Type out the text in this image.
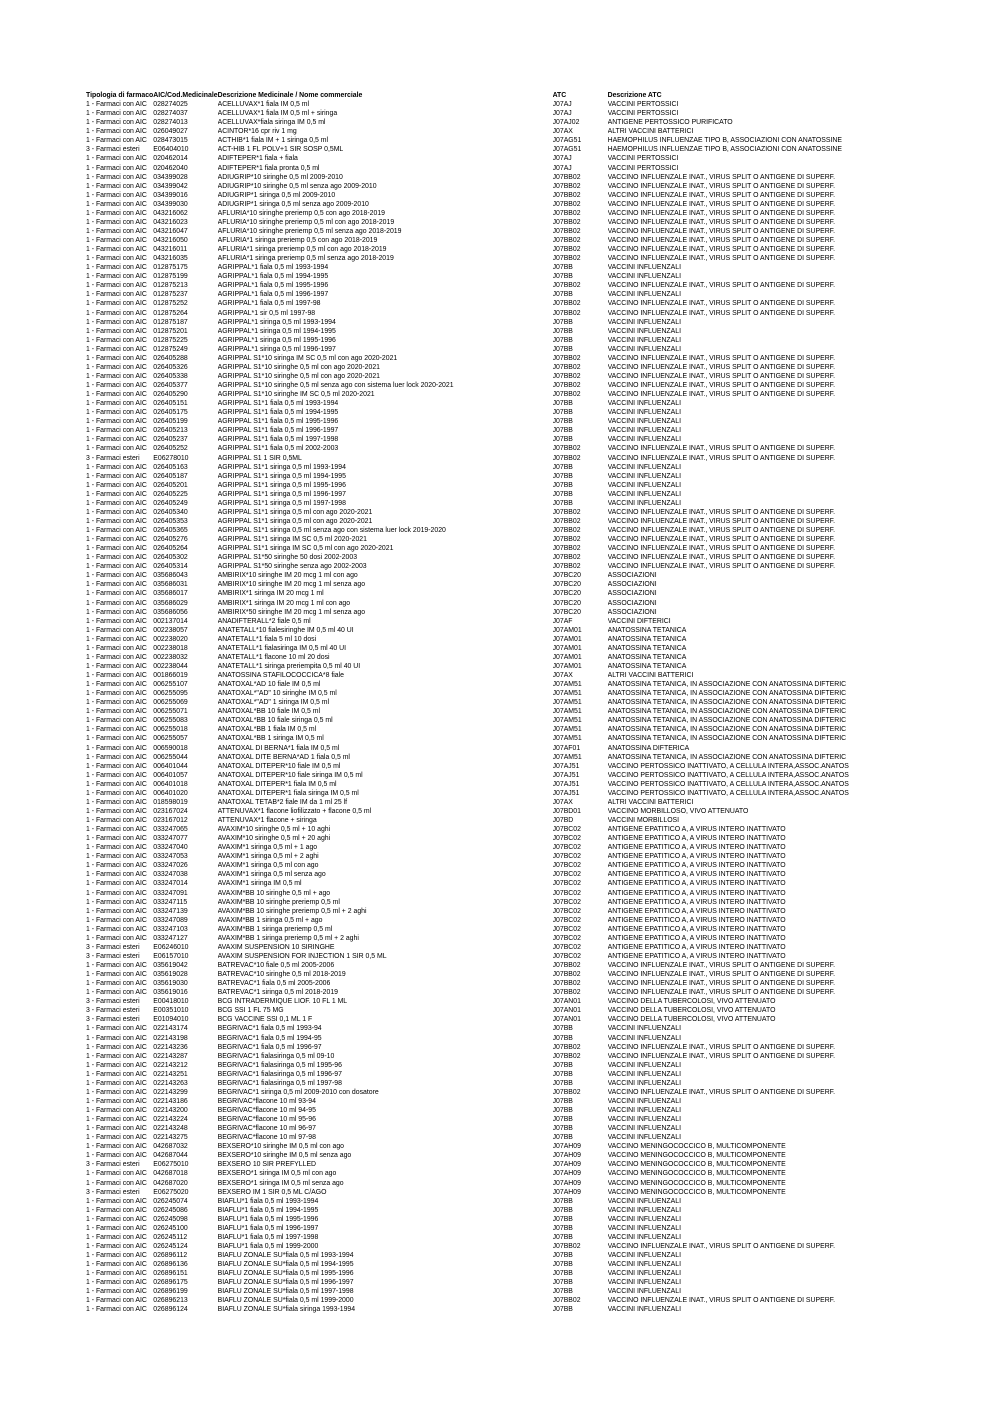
Tipologia di farmaco	AIC/Cod.Medicinale	Descrizione Medicinale / Nome commerciale	ATC	Descrizione ATC
1 - Farmaci con AIC	028274025	ACELLUVAX*1 fiala IM 0,5 ml	J07AJ	VACCINI PERTOSSICI
1 - Farmaci con AIC	028274037	ACELLUVAX*1 fiala IM 0,5 ml + siringa	J07AJ	VACCINI PERTOSSICI
1 - Farmaci con AIC	028274013	ACELLUVAX*fiala siringa IM 0,5 ml	J07AJ02	ANTIGENE PERTOSSICO PURIFICATO
1 - Farmaci con AIC	026049027	ACINTOR*16 cpr riv 1 mg	J07AX	ALTRI VACCINI BATTERICI
1 - Farmaci con AIC	028473015	ACTHIB*1 fiala IM + 1 siringa 0,5 ml	J07AG51	HAEMOPHILUS INFLUENZAE TIPO B, ASSOCIAZIONI CON ANATOSSINE
3 - Farmaci esteri	E06404010	ACT-HIB 1 FL POLV+1 SIR SOSP 0,5ML	J07AG51	HAEMOPHILUS INFLUENZAE TIPO B, ASSOCIAZIONI CON ANATOSSINE
1 - Farmaci con AIC	020462014	ADIFTEPER*1 fiala + fiala	J07AJ	VACCINI PERTOSSICI
1 - Farmaci con AIC	020462040	ADIFTEPER*1 fiala pronta 0,5 ml	J07AJ	VACCINI PERTOSSICI
1 - Farmaci con AIC	034399028	ADIUGRIP*10 siringhe 0,5 ml 2009-2010	J07BB02	VACCINO INFLUENZALE INAT., VIRUS SPLIT O ANTIGENE DI SUPERF.
1 - Farmaci con AIC	034399042	ADIUGRIP*10 siringhe 0,5 ml senza ago 2009-2010	J07BB02	VACCINO INFLUENZALE INAT., VIRUS SPLIT O ANTIGENE DI SUPERF.
1 - Farmaci con AIC	034399016	ADIUGRIP*1 siringa 0,5 ml 2009-2010	J07BB02	VACCINO INFLUENZALE INAT., VIRUS SPLIT O ANTIGENE DI SUPERF.
1 - Farmaci con AIC	034399030	ADIUGRIP*1 siringa 0,5 ml senza ago 2009-2010	J07BB02	VACCINO INFLUENZALE INAT., VIRUS SPLIT O ANTIGENE DI SUPERF.
1 - Farmaci con AIC	043216062	AFLURIA*10 siringhe preriemp 0,5 con ago 2018-2019	J07BB02	VACCINO INFLUENZALE INAT., VIRUS SPLIT O ANTIGENE DI SUPERF.
1 - Farmaci con AIC	043216023	AFLURIA*10 siringhe preriemp 0,5 ml con ago 2018-2019	J07BB02	VACCINO INFLUENZALE INAT., VIRUS SPLIT O ANTIGENE DI SUPERF.
1 - Farmaci con AIC	043216047	AFLURIA*10 siringhe preriemp 0,5 ml senza ago 2018-2019	J07BB02	VACCINO INFLUENZALE INAT., VIRUS SPLIT O ANTIGENE DI SUPERF.
1 - Farmaci con AIC	043216050	AFLURIA*1 siringa preriemp 0,5 con ago 2018-2019	J07BB02	VACCINO INFLUENZALE INAT., VIRUS SPLIT O ANTIGENE DI SUPERF.
1 - Farmaci con AIC	043216011	AFLURIA*1 siringa preriemp 0,5 ml con ago 2018-2019	J07BB02	VACCINO INFLUENZALE INAT., VIRUS SPLIT O ANTIGENE DI SUPERF.
1 - Farmaci con AIC	043216035	AFLURIA*1 siringa preriemp 0,5 ml senza ago 2018-2019	J07BB02	VACCINO INFLUENZALE INAT., VIRUS SPLIT O ANTIGENE DI SUPERF.
1 - Farmaci con AIC	012875175	AGRIPPAL*1 fiala 0,5 ml 1993-1994	J07BB	VACCINI INFLUENZALI
1 - Farmaci con AIC	012875199	AGRIPPAL*1 fiala 0,5 ml 1994-1995	J07BB	VACCINI INFLUENZALI
1 - Farmaci con AIC	012875213	AGRIPPAL*1 fiala 0,5 ml 1995-1996	J07BB02	VACCINO INFLUENZALE INAT., VIRUS SPLIT O ANTIGENE DI SUPERF.
1 - Farmaci con AIC	012875237	AGRIPPAL*1 fiala 0,5 ml 1996-1997	J07BB	VACCINI INFLUENZALI
1 - Farmaci con AIC	012875252	AGRIPPAL*1 fiala 0,5 ml 1997-98	J07BB02	VACCINO INFLUENZALE INAT., VIRUS SPLIT O ANTIGENE DI SUPERF.
1 - Farmaci con AIC	012875264	AGRIPPAL*1 sir 0,5 ml 1997-98	J07BB02	VACCINO INFLUENZALE INAT., VIRUS SPLIT O ANTIGENE DI SUPERF.
1 - Farmaci con AIC	012875187	AGRIPPAL*1 siringa 0,5 ml 1993-1994	J07BB	VACCINI INFLUENZALI
1 - Farmaci con AIC	012875201	AGRIPPAL*1 siringa 0,5 ml 1994-1995	J07BB	VACCINI INFLUENZALI
1 - Farmaci con AIC	012875225	AGRIPPAL*1 siringa 0,5 ml 1995-1996	J07BB	VACCINI INFLUENZALI
1 - Farmaci con AIC	012875249	AGRIPPAL*1 siringa 0,5 ml 1996-1997	J07BB	VACCINI INFLUENZALI
1 - Farmaci con AIC	026405288	AGRIPPAL S1*10 siringa IM SC 0,5 ml con ago 2020-2021	J07BB02	VACCINO INFLUENZALE INAT., VIRUS SPLIT O ANTIGENE DI SUPERF.
1 - Farmaci con AIC	026405326	AGRIPPAL S1*10 siringhe 0,5 ml con ago 2020-2021	J07BB02	VACCINO INFLUENZALE INAT., VIRUS SPLIT O ANTIGENE DI SUPERF.
1 - Farmaci con AIC	026405338	AGRIPPAL S1*10 siringhe 0,5 ml con ago 2020-2021	J07BB02	VACCINO INFLUENZALE INAT., VIRUS SPLIT O ANTIGENE DI SUPERF.
1 - Farmaci con AIC	026405377	AGRIPPAL S1*10 siringhe 0,5 ml senza ago con sistema luer lock 2020-2021	J07BB02	VACCINO INFLUENZALE INAT., VIRUS SPLIT O ANTIGENE DI SUPERF.
1 - Farmaci con AIC	026405290	AGRIPPAL S1*10 siringhe IM SC 0,5 ml 2020-2021	J07BB02	VACCINO INFLUENZALE INAT., VIRUS SPLIT O ANTIGENE DI SUPERF.
1 - Farmaci con AIC	026405151	AGRIPPAL S1*1 fiala 0,5 ml 1993-1994	J07BB	VACCINI INFLUENZALI
1 - Farmaci con AIC	026405175	AGRIPPAL S1*1 fiala 0,5 ml 1994-1995	J07BB	VACCINI INFLUENZALI
1 - Farmaci con AIC	026405199	AGRIPPAL S1*1 fiala 0,5 ml 1995-1996	J07BB	VACCINI INFLUENZALI
1 - Farmaci con AIC	026405213	AGRIPPAL S1*1 fiala 0,5 ml 1996-1997	J07BB	VACCINI INFLUENZALI
1 - Farmaci con AIC	026405237	AGRIPPAL S1*1 fiala 0,5 ml 1997-1998	J07BB	VACCINI INFLUENZALI
1 - Farmaci con AIC	026405252	AGRIPPAL S1*1 fiala 0,5 ml 2002-2003	J07BB02	VACCINO INFLUENZALE INAT., VIRUS SPLIT O ANTIGENE DI SUPERF.
3 - Farmaci esteri	E06278010	AGRIPPAL S1 1 SIR 0,5ML	J07BB02	VACCINO INFLUENZALE INAT., VIRUS SPLIT O ANTIGENE DI SUPERF.
1 - Farmaci con AIC	026405163	AGRIPPAL S1*1 siringa 0,5 ml 1993-1994	J07BB	VACCINI INFLUENZALI
1 - Farmaci con AIC	026405187	AGRIPPAL S1*1 siringa 0,5 ml 1994-1995	J07BB	VACCINI INFLUENZALI
1 - Farmaci con AIC	026405201	AGRIPPAL S1*1 siringa 0,5 ml 1995-1996	J07BB	VACCINI INFLUENZALI
1 - Farmaci con AIC	026405225	AGRIPPAL S1*1 siringa 0,5 ml 1996-1997	J07BB	VACCINI INFLUENZALI
1 - Farmaci con AIC	026405249	AGRIPPAL S1*1 siringa 0,5 ml 1997-1998	J07BB	VACCINI INFLUENZALI
1 - Farmaci con AIC	026405340	AGRIPPAL S1*1 siringa 0,5 ml con ago 2020-2021	J07BB02	VACCINO INFLUENZALE INAT., VIRUS SPLIT O ANTIGENE DI SUPERF.
1 - Farmaci con AIC	026405353	AGRIPPAL S1*1 siringa 0,5 ml con ago 2020-2021	J07BB02	VACCINO INFLUENZALE INAT., VIRUS SPLIT O ANTIGENE DI SUPERF.
1 - Farmaci con AIC	026405365	AGRIPPAL S1*1 siringa 0,5 ml senza ago con sistema luer lock 2019-2020	J07BB02	VACCINO INFLUENZALE INAT., VIRUS SPLIT O ANTIGENE DI SUPERF.
1 - Farmaci con AIC	026405276	AGRIPPAL S1*1 siringa IM SC 0,5 ml 2020-2021	J07BB02	VACCINO INFLUENZALE INAT., VIRUS SPLIT O ANTIGENE DI SUPERF.
1 - Farmaci con AIC	026405264	AGRIPPAL S1*1 siringa IM SC 0,5 ml con ago 2020-2021	J07BB02	VACCINO INFLUENZALE INAT., VIRUS SPLIT O ANTIGENE DI SUPERF.
1 - Farmaci con AIC	026405302	AGRIPPAL S1*50 siringhe 50 dosi 2002-2003	J07BB02	VACCINO INFLUENZALE INAT., VIRUS SPLIT O ANTIGENE DI SUPERF.
1 - Farmaci con AIC	026405314	AGRIPPAL S1*50 siringhe senza ago 2002-2003	J07BB02	VACCINO INFLUENZALE INAT., VIRUS SPLIT O ANTIGENE DI SUPERF.
1 - Farmaci con AIC	035686043	AMBIRIX*10 siringhe IM 20 mcg 1 ml con ago	J07BC20	ASSOCIAZIONI
1 - Farmaci con AIC	035686031	AMBIRIX*10 siringhe IM 20 mcg 1 ml senza ago	J07BC20	ASSOCIAZIONI
1 - Farmaci con AIC	035686017	AMBIRIX*1 siringa IM 20 mcg 1 ml	J07BC20	ASSOCIAZIONI
1 - Farmaci con AIC	035686029	AMBIRIX*1 siringa IM 20 mcg 1 ml con ago	J07BC20	ASSOCIAZIONI
1 - Farmaci con AIC	035686056	AMBIRIX*50 siringhe IM 20 mcg 1 ml senza ago	J07BC20	ASSOCIAZIONI
1 - Farmaci con AIC	002137014	ANADIFTERALL*2 fiale 0,5 ml	J07AF	VACCINI DIFTERICI
1 - Farmaci con AIC	002238057	ANATETALL*10 fialesiringhe IM 0,5 ml 40 UI	J07AM01	ANATOSSINA TETANICA
1 - Farmaci con AIC	002238020	ANATETALL*1 fiala 5 ml 10 dosi	J07AM01	ANATOSSINA TETANICA
1 - Farmaci con AIC	002238018	ANATETALL*1 fialasiringa IM 0,5 ml 40 UI	J07AM01	ANATOSSINA TETANICA
1 - Farmaci con AIC	002238032	ANATETALL*1 flacone 10 ml 20 dosi	J07AM01	ANATOSSINA TETANICA
1 - Farmaci con AIC	002238044	ANATETALL*1 siringa preriempita 0,5 ml 40 UI	J07AM01	ANATOSSINA TETANICA
1 - Farmaci con AIC	001866019	ANATOSSINA STAFILOCOCCICA*8 fiale	J07AX	ALTRI VACCINI BATTERICI
1 - Farmaci con AIC	006255107	ANATOXAL*AD 10 fiale IM 0,5 ml	J07AM51	ANATOSSINA TETANICA, IN ASSOCIAZIONE CON ANATOSSINA DIFTERIC
1 - Farmaci con AIC	006255095	ANATOXAL*"AD" 10 siringhe IM 0,5 ml	J07AM51	ANATOSSINA TETANICA, IN ASSOCIAZIONE CON ANATOSSINA DIFTERIC
1 - Farmaci con AIC	006255069	ANATOXAL*"AD" 1 siringa IM 0,5 ml	J07AM51	ANATOSSINA TETANICA, IN ASSOCIAZIONE CON ANATOSSINA DIFTERIC
1 - Farmaci con AIC	006255071	ANATOXAL*BB 10 fiale IM 0,5 ml	J07AM51	ANATOSSINA TETANICA, IN ASSOCIAZIONE CON ANATOSSINA DIFTERIC
1 - Farmaci con AIC	006255083	ANATOXAL*BB 10 fiale siringa 0,5 ml	J07AM51	ANATOSSINA TETANICA, IN ASSOCIAZIONE CON ANATOSSINA DIFTERIC
1 - Farmaci con AIC	006255018	ANATOXAL*BB 1 fiala IM 0,5 ml	J07AM51	ANATOSSINA TETANICA, IN ASSOCIAZIONE CON ANATOSSINA DIFTERIC
1 - Farmaci con AIC	006255057	ANATOXAL*BB 1 siringa IM 0,5 ml	J07AM51	ANATOSSINA TETANICA, IN ASSOCIAZIONE CON ANATOSSINA DIFTERIC
1 - Farmaci con AIC	006590018	ANATOXAL DI BERNA*1 fiala IM 0,5 ml	J07AF01	ANATOSSINA DIFTERICA
1 - Farmaci con AIC	006255044	ANATOXAL DITE BERNA*AD 1 fiala 0,5 ml	J07AM51	ANATOSSINA TETANICA, IN ASSOCIAZIONE CON ANATOSSINA DIFTERIC
1 - Farmaci con AIC	006401044	ANATOXAL DITEPER*10 fiale IM 0,5 ml	J07AJ51	VACCINO PERTOSSICO INATTIVATO, A CELLULA INTERA,ASSOC.ANATOS
1 - Farmaci con AIC	006401057	ANATOXAL DITEPER*10 fiale siringa IM 0,5 ml	J07AJ51	VACCINO PERTOSSICO INATTIVATO, A CELLULA INTERA,ASSOC.ANATOS
1 - Farmaci con AIC	006401018	ANATOXAL DITEPER*1 fiala IM 0,5 ml	J07AJ51	VACCINO PERTOSSICO INATTIVATO, A CELLULA INTERA,ASSOC.ANATOS
1 - Farmaci con AIC	006401020	ANATOXAL DITEPER*1 fiala siringa IM 0,5 ml	J07AJ51	VACCINO PERTOSSICO INATTIVATO, A CELLULA INTERA,ASSOC.ANATOS
1 - Farmaci con AIC	018598019	ANATOXAL TETAB*2 fiale IM da 1 ml 25 lf	J07AX	ALTRI VACCINI BATTERICI
1 - Farmaci con AIC	023167024	ATTENUVAX*1 flacone liofilizzato + flacone 0,5 ml	J07BD01	VACCINO MORBILLOSO, VIVO ATTENUATO
1 - Farmaci con AIC	023167012	ATTENUVAX*1 flacone + siringa	J07BD	VACCINI MORBILLOSI
1 - Farmaci con AIC	033247065	AVAXIM*10 siringhe 0,5 ml + 10 aghi	J07BC02	ANTIGENE EPATITICO A, A VIRUS INTERO INATTIVATO
1 - Farmaci con AIC	033247077	AVAXIM*10 siringhe 0,5 ml + 20 aghi	J07BC02	ANTIGENE EPATITICO A, A VIRUS INTERO INATTIVATO
1 - Farmaci con AIC	033247040	AVAXIM*1 siringa 0,5 ml + 1 ago	J07BC02	ANTIGENE EPATITICO A, A VIRUS INTERO INATTIVATO
1 - Farmaci con AIC	033247053	AVAXIM*1 siringa 0,5 ml + 2 aghi	J07BC02	ANTIGENE EPATITICO A, A VIRUS INTERO INATTIVATO
1 - Farmaci con AIC	033247026	AVAXIM*1 siringa 0,5 ml con ago	J07BC02	ANTIGENE EPATITICO A, A VIRUS INTERO INATTIVATO
1 - Farmaci con AIC	033247038	AVAXIM*1 siringa 0,5 ml senza ago	J07BC02	ANTIGENE EPATITICO A, A VIRUS INTERO INATTIVATO
1 - Farmaci con AIC	033247014	AVAXIM*1 siringa IM 0,5 ml	J07BC02	ANTIGENE EPATITICO A, A VIRUS INTERO INATTIVATO
1 - Farmaci con AIC	033247091	AVAXIM*BB 10 siringhe 0,5 ml + ago	J07BC02	ANTIGENE EPATITICO A, A VIRUS INTERO INATTIVATO
1 - Farmaci con AIC	033247115	AVAXIM*BB 10 siringhe preriemp 0,5 ml	J07BC02	ANTIGENE EPATITICO A, A VIRUS INTERO INATTIVATO
1 - Farmaci con AIC	033247139	AVAXIM*BB 10 siringhe preriemp 0,5 ml + 2 aghi	J07BC02	ANTIGENE EPATITICO A, A VIRUS INTERO INATTIVATO
1 - Farmaci con AIC	033247089	AVAXIM*BB 1 siringa 0,5 ml + ago	J07BC02	ANTIGENE EPATITICO A, A VIRUS INTERO INATTIVATO
1 - Farmaci con AIC	033247103	AVAXIM*BB 1 siringa preriemp 0,5 ml	J07BC02	ANTIGENE EPATITICO A, A VIRUS INTERO INATTIVATO
1 - Farmaci con AIC	033247127	AVAXIM*BB 1 siringa preriemp 0,5 ml + 2 aghi	J07BC02	ANTIGENE EPATITICO A, A VIRUS INTERO INATTIVATO
3 - Farmaci esteri	E06246010	AVAXIM SUSPENSION 10 SIRINGHE	J07BC02	ANTIGENE EPATITICO A, A VIRUS INTERO INATTIVATO
3 - Farmaci esteri	E06157010	AVAXIM SUSPENSION FOR INJECTION 1 SIR 0,5 ML	J07BC02	ANTIGENE EPATITICO A, A VIRUS INTERO INATTIVATO
1 - Farmaci con AIC	035619042	BATREVAC*10 fiale 0,5 ml 2005-2006	J07BB02	VACCINO INFLUENZALE INAT., VIRUS SPLIT O ANTIGENE DI SUPERF.
1 - Farmaci con AIC	035619028	BATREVAC*10 siringhe 0,5 ml 2018-2019	J07BB02	VACCINO INFLUENZALE INAT., VIRUS SPLIT O ANTIGENE DI SUPERF.
1 - Farmaci con AIC	035619030	BATREVAC*1 fiala 0,5 ml 2005-2006	J07BB02	VACCINO INFLUENZALE INAT., VIRUS SPLIT O ANTIGENE DI SUPERF.
1 - Farmaci con AIC	035619016	BATREVAC*1 siringa 0,5 ml 2018-2019	J07BB02	VACCINO INFLUENZALE INAT., VIRUS SPLIT O ANTIGENE DI SUPERF.
3 - Farmaci esteri	E00418010	BCG INTRADERMIQUE LIOF. 10 FL 1 ML	J07AN01	VACCINO DELLA TUBERCOLOSI, VIVO ATTENUATO
3 - Farmaci esteri	E00351010	BCG SSI 1 FL 75 MG	J07AN01	VACCINO DELLA TUBERCOLOSI, VIVO ATTENUATO
3 - Farmaci esteri	E01094010	BCG VACCINE SSI 0,1 ML 1 F	J07AN01	VACCINO DELLA TUBERCOLOSI, VIVO ATTENUATO
1 - Farmaci con AIC	022143174	BEGRIVAC*1 fiala 0,5 ml 1993-94	J07BB	VACCINI INFLUENZALI
1 - Farmaci con AIC	022143198	BEGRIVAC*1 fiala 0,5 ml 1994-95	J07BB	VACCINI INFLUENZALI
1 - Farmaci con AIC	022143236	BEGRIVAC*1 fiala 0,5 ml 1996-97	J07BB02	VACCINO INFLUENZALE INAT., VIRUS SPLIT O ANTIGENE DI SUPERF.
1 - Farmaci con AIC	022143287	BEGRIVAC*1 fialasiringa 0,5 ml 09-10	J07BB02	VACCINO INFLUENZALE INAT., VIRUS SPLIT O ANTIGENE DI SUPERF.
1 - Farmaci con AIC	022143212	BEGRIVAC*1 fialasiringa 0,5 ml 1995-96	J07BB	VACCINI INFLUENZALI
1 - Farmaci con AIC	022143251	BEGRIVAC*1 fialasiringa 0,5 ml 1996-97	J07BB	VACCINI INFLUENZALI
1 - Farmaci con AIC	022143263	BEGRIVAC*1 fialasiringa 0,5 ml 1997-98	J07BB	VACCINI INFLUENZALI
1 - Farmaci con AIC	022143299	BEGRIVAC*1 siringa 0,5 ml 2009-2010 con dosatore	J07BB02	VACCINO INFLUENZALE INAT., VIRUS SPLIT O ANTIGENE DI SUPERF.
1 - Farmaci con AIC	022143186	BEGRIVAC*flacone 10 ml 93-94	J07BB	VACCINI INFLUENZALI
1 - Farmaci con AIC	022143200	BEGRIVAC*flacone 10 ml 94-95	J07BB	VACCINI INFLUENZALI
1 - Farmaci con AIC	022143224	BEGRIVAC*flacone 10 ml 95-96	J07BB	VACCINI INFLUENZALI
1 - Farmaci con AIC	022143248	BEGRIVAC*flacone 10 ml 96-97	J07BB	VACCINI INFLUENZALI
1 - Farmaci con AIC	022143275	BEGRIVAC*flacone 10 ml 97-98	J07BB	VACCINI INFLUENZALI
1 - Farmaci con AIC	042687032	BEXSERO*10 siringhe IM 0,5 ml con ago	J07AH09	VACCINO MENINGOCOCCICO B, MULTICOMPONENTE
1 - Farmaci con AIC	042687044	BEXSERO*10 siringhe IM 0,5 ml senza ago	J07AH09	VACCINO MENINGOCOCCICO B, MULTICOMPONENTE
3 - Farmaci esteri	E06275010	BEXSERO 10 SIR PREFYLLED	J07AH09	VACCINO MENINGOCOCCICO B, MULTICOMPONENTE
1 - Farmaci con AIC	042687018	BEXSERO*1 siringa IM 0,5 ml con ago	J07AH09	VACCINO MENINGOCOCCICO B, MULTICOMPONENTE
1 - Farmaci con AIC	042687020	BEXSERO*1 siringa IM 0,5 ml senza ago	J07AH09	VACCINO MENINGOCOCCICO B, MULTICOMPONENTE
3 - Farmaci esteri	E06275020	BEXSERO IM 1 SIR 0,5 ML C/AGO	J07AH09	VACCINO MENINGOCOCCICO B, MULTICOMPONENTE
1 - Farmaci con AIC	026245074	BIAFLU*1 fiala 0,5 ml 1993-1994	J07BB	VACCINI INFLUENZALI
1 - Farmaci con AIC	026245086	BIAFLU*1 fiala 0,5 ml 1994-1995	J07BB	VACCINI INFLUENZALI
1 - Farmaci con AIC	026245098	BIAFLU*1 fiala 0,5 ml 1995-1996	J07BB	VACCINI INFLUENZALI
1 - Farmaci con AIC	026245100	BIAFLU*1 fiala 0,5 ml 1996-1997	J07BB	VACCINI INFLUENZALI
1 - Farmaci con AIC	026245112	BIAFLU*1 fiala 0,5 ml 1997-1998	J07BB	VACCINI INFLUENZALI
1 - Farmaci con AIC	026245124	BIAFLU*1 fiala 0,5 ml 1999-2000	J07BB02	VACCINO INFLUENZALE INAT., VIRUS SPLIT O ANTIGENE DI SUPERF.
1 - Farmaci con AIC	026896112	BIAFLU ZONALE SU*fiala 0,5 ml 1993-1994	J07BB	VACCINI INFLUENZALI
1 - Farmaci con AIC	026896136	BIAFLU ZONALE SU*fiala 0,5 ml 1994-1995	J07BB	VACCINI INFLUENZALI
1 - Farmaci con AIC	026896151	BIAFLU ZONALE SU*fiala 0,5 ml 1995-1996	J07BB	VACCINI INFLUENZALI
1 - Farmaci con AIC	026896175	BIAFLU ZONALE SU*fiala 0,5 ml 1996-1997	J07BB	VACCINI INFLUENZALI
1 - Farmaci con AIC	026896199	BIAFLU ZONALE SU*fiala 0,5 ml 1997-1998	J07BB	VACCINI INFLUENZALI
1 - Farmaci con AIC	026896213	BIAFLU ZONALE SU*fiala 0,5 ml 1999-2000	J07BB02	VACCINO INFLUENZALE INAT., VIRUS SPLIT O ANTIGENE DI SUPERF.
1 - Farmaci con AIC	026896124	BIAFLU ZONALE SU*fiala siringa 1993-1994	J07BB	VACCINI INFLUENZALI
